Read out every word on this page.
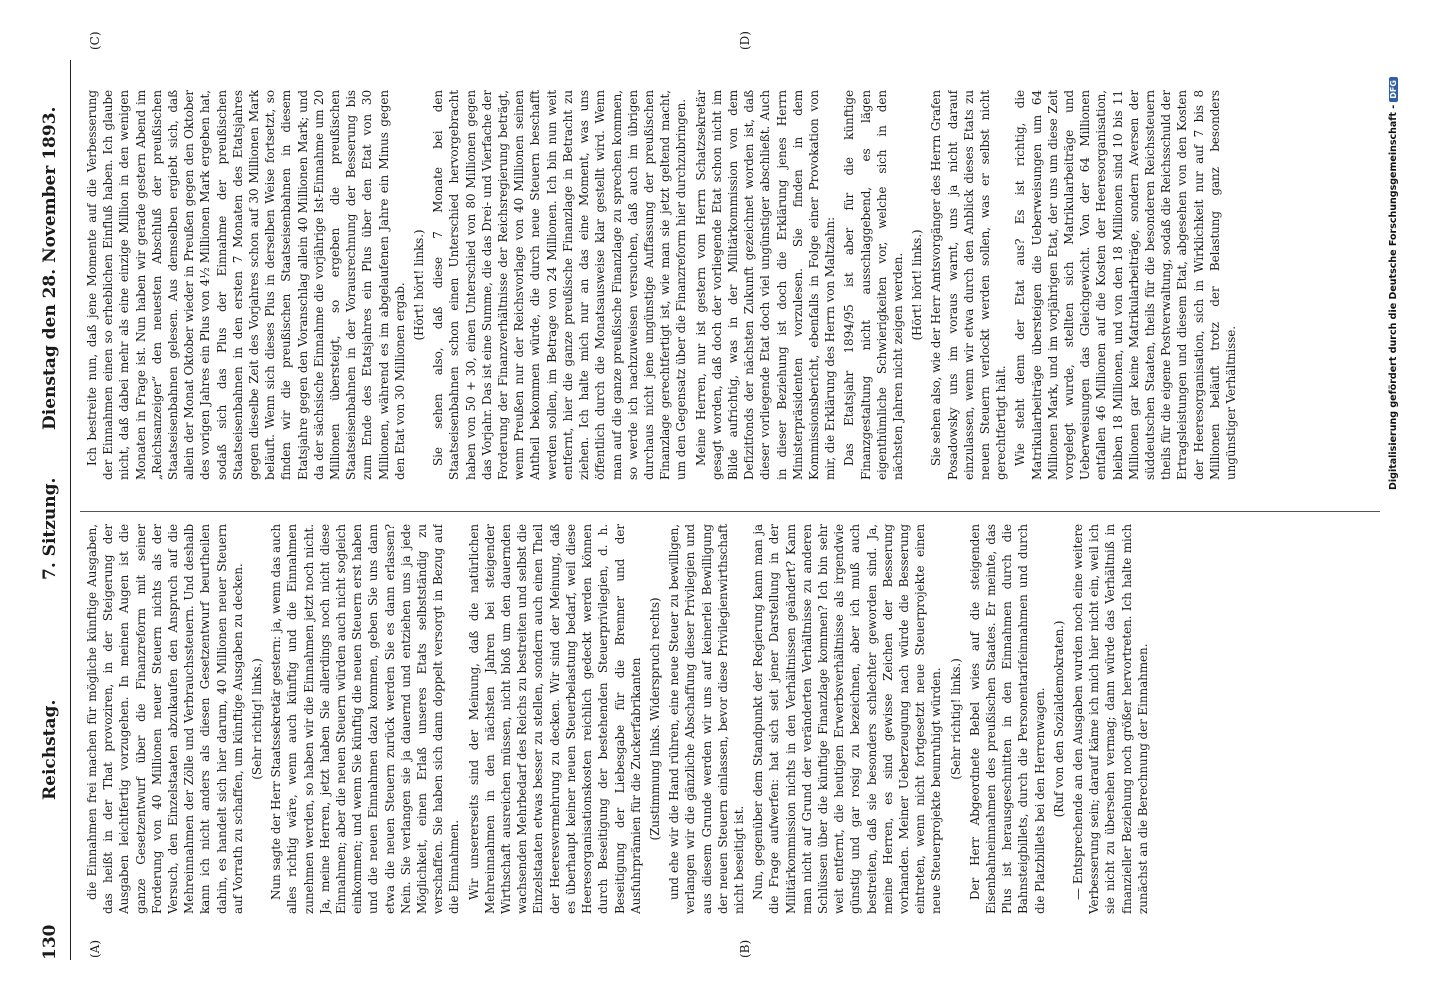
130
Reichstag.
7. Sitzung.
Dienstag den 28. November 1893.
(A)	(B)
(C)	(D)

die Einnahmen frei machen für mögliche künftige Ausgaben, das heißt in der That provoziren, in der Steigerung der Ausgaben leichtfertig vorzugehen. In meinen Augen ist die ganze Gesetzentwurf über die Finanzreform mit seiner Forderung von 40 Millionen neuer Steuern nichts als der Versuch, den Einzelstaaten abzukaufen den Anspruch auf die Mehreinnahmen der Zölle und Verbrauchssteuern. Und deshalb kann ich nicht anders als diesen Gesetzentwurf beurtheilen dahin, es handelt sich hier darum, 40 Millionen neuer Steuern auf Vorrath zu schaffen, um künftige Ausgaben zu decken. (Sehr richtig! links.) Nun sagte der Herr Staatssekretär gestern: ja, wenn das auch alles richtig wäre, wenn auch künftig und die Einnahmen zunehmen werden, so haben wir die Einnahmen jetzt noch nicht. Ja, meine Herren, jetzt haben Sie allerdings noch nicht diese Einnahmen; aber die neuen Steuern würden auch nicht sogleich einkommen; und wenn Sie künftig die neuen Steuern erst haben und die neuen Einnahmen dazu kommen, geben Sie uns dann etwa die neuen Steuern zurück werden Sie es dann erlassen? Nein. Sie verlangen sie ja dauernd und entziehen uns ja jede Möglichkeit, einen Erlaß unseres Etats selbstständig zu verschaffen. Sie haben sich dann doppelt versorgt in Bezug auf die Einnahmen. Wir unsererseits sind der Meinung, daß die natürlichen Mehreinnahmen in den nächsten Jahren bei steigender Wirthschaft ausreichen müssen, nicht bloß um den dauernden wachsenden Mehrbedarf des Reichs zu bestreiten und selbst die Einzelstaaten etwas besser zu stellen, sondern auch einen Theil der Heeresvermehrung zu decken. Wir sind der Meinung, daß es überhaupt keiner neuen Steuerbelastung bedarf, weil diese Heeresorganisationskosten reichlich gedeckt werden können durch Beseitigung der bestehenden Steuerprivilegien, d. h. Beseitigung der Liebesgabe für die Brenner und der Ausfuhrprämien für die Zuckerfabrikanten (Zustimmung links. Widerspruch rechts) und ehe wir die Hand rühren, eine neue Steuer zu bewilligen, verlangen wir die gänzliche Abschaffung dieser Privilegien und aus diesem Grunde werden wir uns auf keinerlei Bewilligung der neuen Steuern einlassen, bevor diese Privilegienwirthschaft nicht beseitigt ist. Nun, gegenüber dem Standpunkt der Regierung kann man ja die Frage aufwerfen: hat sich seit jener Darstellung in der Militärkommission nichts in den Verhältnissen geändert? Kann man nicht auf Grund der veränderten Verhältnisse zu anderen Schlüssen über die künftige Finanzlage kommen? Ich bin sehr weit entfernt, die heutigen Erwerbsverhältnisse als irgendwie günstig und gar rosig zu bezeichnen, aber ich muß auch bestreiten, daß sie besonders schlechter geworden sind. Ja, meine Herren, es sind gewisse Zeichen der Besserung vorhanden. Meiner Ueberzeugung nach würde die Besserung eintreten, wenn nicht fortgesetzt neue Steuerprojekte einen neue Steuerprojekte beunruhigt würden. (Sehr richtig! links.) Der Herr Abgeordnete Bebel wies auf die steigenden Eisenbahneinnahmen des preußischen Staates. Er meinte, das Plus ist herausgeschnitten in den Einnahmen durch die Bahnsteigbillets, durch die Personentarifeinnahmen und durch die Platzbillets bei den Herrenwagen. (Ruf von den Sozialdemokraten.) — Entsprechende an den Ausgaben wurden noch eine weitere Verbesserung sein; darauf käme ich mich hier nicht ein, weil ich sie nicht zu übersehen vermag; dann würde das Verhältniß in finanzieller Beziehung noch größer hervortreten. Ich halte mich zunächst an die Berechnung der Einnahmen.

Ich bestreite nun, daß jene Momente auf die Verbesserung der Einnahmen einen so erheblichen Einfluß haben. Ich glaube nicht, daß dabei mehr als eine einzige Million in den wenigen Monaten in Frage ist. Nun haben wir gerade gestern Abend im „Reichsanzeiger“ den neuesten Abschluß der preußischen Staatseisenbahnen gelesen. Aus demselben ergiebt sich, daß allein der Monat Oktober wieder in Preußen gegen den Oktober des vorigen Jahres ein Plus von 4½ Millionen Mark ergeben hat, sodaß sich das Plus der Einnahme der preußischen Staatseisenbahnen in den ersten 7 Monaten des Etatsjahres gegen dieselbe Zeit des Vorjahres schon auf 30 Millionen Mark beläuft. Wenn sich dieses Plus in derselben Weise fortsetzt, so finden wir die preußischen Staatseisenbahnen in diesem Etatsjahre gegen den Voranschlag allein 40 Millionen Mark; und da der sächsische Einnahme die vorjährige Ist-Einnahme um 20 Millionen übersteigt, so ergeben die preußischen Staatseisenbahnen in der Vorausrechnung der Besserung bis zum Ende des Etatsjahres ein Plus über den Etat von 30 Millionen, während es im abgelaufenen Jahre ein Minus gegen den Etat von 30 Millionen ergab. (Hört! hört! links.) Sie sehen also, daß diese 7 Monate bei den Staatseisenbahnen schon einen Unterschied hervorgebracht haben von 50 + 30, einen Unterschied von 80 Millionen gegen das Vorjahr. Das ist eine Summe, die das Drei- und Vierfache der Forderung der Finanzverhältnisse der Reichsregierung beträgt, wenn Preußen nur der Reichsvorlage von 40 Millionen seinen Antheil bekommen würde, die durch neue Steuern beschafft werden sollen, im Betrage von 24 Millionen. Ich bin nun weit entfernt, hier die ganze preußische Finanzlage in Betracht zu ziehen. Ich halte mich nur an das eine Moment, was uns öffentlich durch die Monatsausweise klar gestellt wird. Wenn man auf die ganze preußische Finanzlage zu sprechen kommen, so werde ich nachzuweisen versuchen, daß auch im übrigen durchaus nicht jene ungünstige Auffassung der preußischen Finanzlage gerechtfertigt ist, wie man sie jetzt geltend macht, um den Gegensatz über die Finanzreform hier durchzubringen. Meine Herren, nur ist gestern vom Herrn Schatzsekretär gesagt worden, daß doch der vorliegende Etat schon nicht im Bilde aufrichtig, was in der Militärkommission von dem Defizitfonds der nächsten Zukunft gezeichnet worden ist, daß dieser vorliegende Etat doch viel ungünstiger abschließt. Auch in dieser Beziehung ist doch die Erklärung jenes Herrn Ministerpräsidenten vorzulesen. Sie finden in dem Kommissionsbericht, ebenfalls in Folge einer Provokation von mir, die Erklärung des Herrn von Maltzahn: Das Etatsjahr 1894/95 ist aber für die künftige Finanzgestaltung nicht ausschlaggebend, es lägen eigenthümliche Schwierigkeiten vor, welche sich in den nächsten Jahren nicht zeigen werden. (Hört! hört! links.) Sie sehen also, wie der Herr Amtsvorgänger des Herrn Grafen Posadowsky uns im voraus warnt, uns ja nicht darauf einzulassen, wenn wir etwa durch den Anblick dieses Etats zu neuen Steuern verlockt werden sollen, was er selbst nicht gerechtfertigt hält. Wie steht denn der Etat aus? Es ist richtig, die Matrikularbeiträge übersteigen die Ueberweisungen um 64 Millionen Mark, und im vorjährigen Etat, der uns um diese Zeit vorgelegt wurde, stellten sich Matrikularbeiträge und Ueberweisungen das Gleichgewicht. Von der 64 Millionen entfallen 46 Millionen auf die Kosten der Heeresorganisation, bleiben 18 Millionen, und von den 18 Millionen sind 10 bis 11 Millionen gar keine Matrikularbeiträge, sondern Aversen der süddeutschen Staaten, theils für die besonderen Reichssteuern theils für die eigene Postverwaltung, sodaß die Reichsschuld der Ertragsleistungen und diesem Etat, abgesehen von den Kosten der Heeresorganisation, sich in Wirklichkeit nur auf 7 bis 8 Millionen beläuft trotz der Belastung ganz besonders ungünstiger Verhältnisse.	Digitalisierung gefördert durch die Deutsche Forschungsgemeinschaft -DFG
